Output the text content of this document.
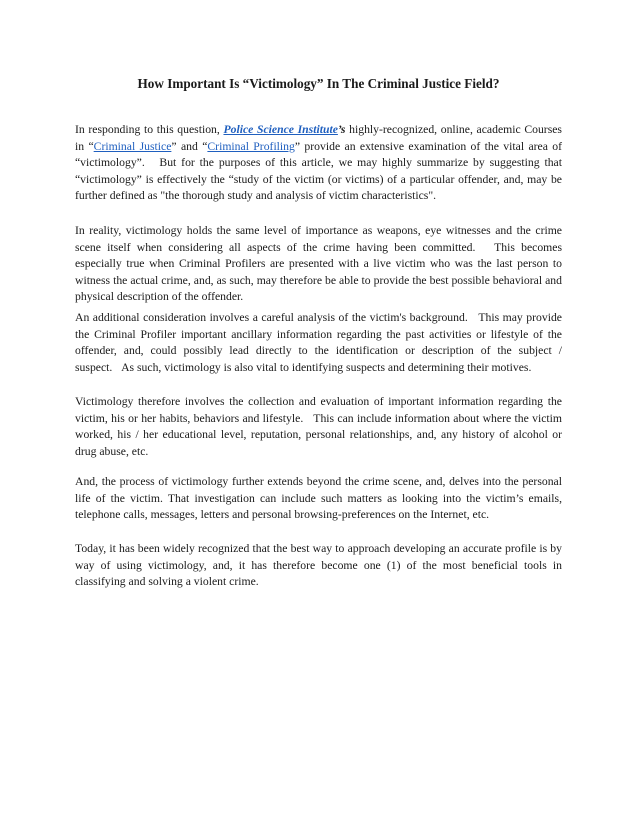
How Important Is “Victimology” In The Criminal Justice Field?

In responding to this question, Police Science Institute’s highly-recognized, online, academic Courses in “Criminal Justice” and “Criminal Profiling” provide an extensive examination of the vital area of “victimology”.   But for the purposes of this article, we may highly summarize by suggesting that “victimology” is effectively the “study of the victim (or victims) of a particular offender, and, may be further defined as "the thorough study and analysis of victim characteristics".

In reality, victimology holds the same level of importance as weapons, eye witnesses and the crime scene itself when considering all aspects of the crime having been committed.   This becomes especially true when Criminal Profilers are presented with a live victim who was the last person to witness the actual crime, and, as such, may therefore be able to provide the best possible behavioral and physical description of the offender.

An additional consideration involves a careful analysis of the victim's background.   This may provide the Criminal Profiler important ancillary information regarding the past activities or lifestyle of the offender, and, could possibly lead directly to the identification or description of the subject / suspect.   As such, victimology is also vital to identifying suspects and determining their motives.

Victimology therefore involves the collection and evaluation of important information regarding the victim, his or her habits, behaviors and lifestyle.   This can include information about where the victim worked, his / her educational level, reputation, personal relationships, and, any history of alcohol or drug abuse, etc.

And, the process of victimology further extends beyond the crime scene, and, delves into the personal life of the victim. That investigation can include such matters as looking into the victim’s emails, telephone calls, messages, letters and personal browsing-preferences on the Internet, etc.

Today, it has been widely recognized that the best way to approach developing an accurate profile is by way of using victimology, and, it has therefore become one (1) of the most beneficial tools in classifying and solving a violent crime.
